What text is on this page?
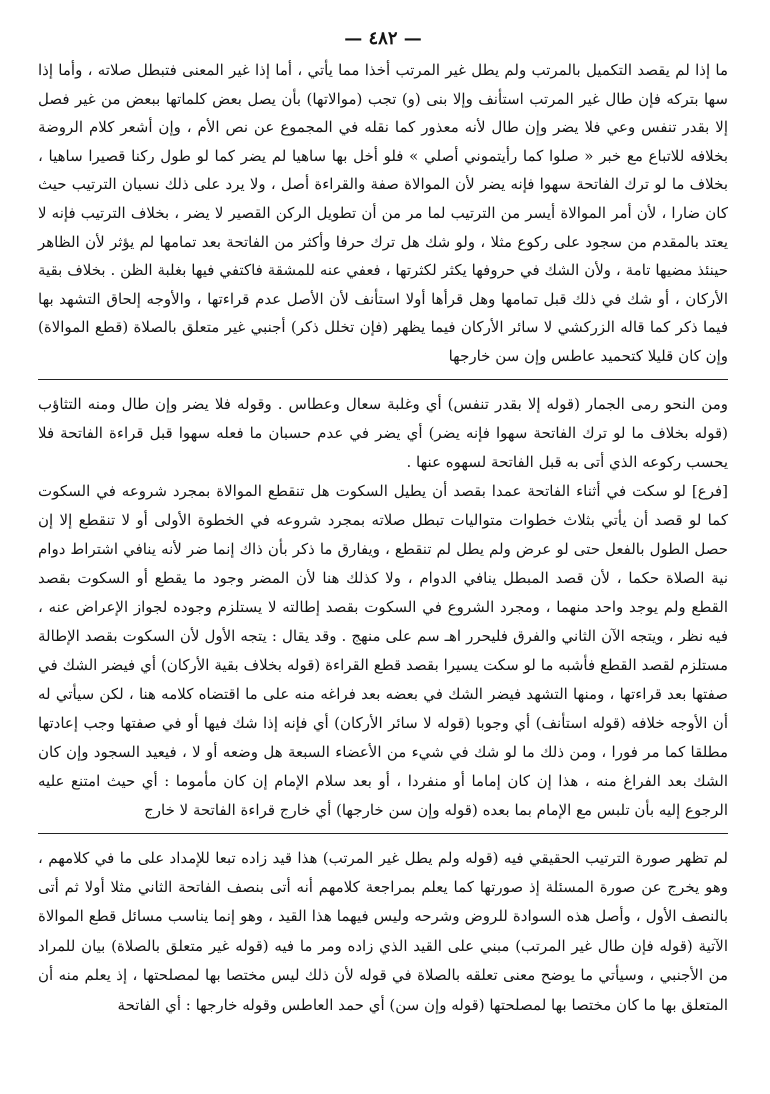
— ٤٨٢ —

ما إذا لم يقصد التكميل بالمرتب ولم يطل غير المرتب أخذا مما يأتي ، أما إذا غير المعنى فتبطل صلاته ، وأما إذا سها بتركه فإن طال غير المرتب استأنف وإلا بنى (و) تجب (موالاتها) بأن يصل بعض كلماتها ببعض من غير فصل إلا بقدر تنفس وعي فلا يضر وإن طال لأنه معذور كما نقله في المجموع عن نص الأم ، وإن أشعر كلام الروضة بخلافه للاتباع مع خبر « صلوا كما رأيتموني أصلي » فلو أخل بها ساهيا لم يضر كما لو طول ركنا قصيرا ساهيا ، بخلاف ما لو ترك الفاتحة سهوا فإنه يضر لأن الموالاة صفة والقراءة أصل ، ولا يرد على ذلك نسيان الترتيب حيث كان ضارا ، لأن أمر الموالاة أيسر من الترتيب لما مر من أن تطويل الركن القصير لا يضر ، بخلاف الترتيب فإنه لا يعتد بالمقدم من سجود على ركوع مثلا ، ولو شك هل ترك حرفا وأكثر من الفاتحة بعد تمامها لم يؤثر لأن الظاهر حينئذ مضيها تامة ، ولأن الشك في حروفها يكثر لكثرتها ، فعفي عنه للمشقة فاكتفي فيها بغلبة الظن . بخلاف بقية الأركان ، أو شك في ذلك قبل تمامها وهل قرأها أولا استأنف لأن الأصل عدم قراءتها ، والأوجه إلحاق التشهد بها فيما ذكر كما قاله الزركشي لا سائر الأركان فيما يظهر (فإن تخلل ذكر) أجنبي غير متعلق بالصلاة (قطع الموالاة) وإن كان قليلا كتحميد عاطس وإن سن خارجها

ومن النحو رمى الجمار (قوله إلا بقدر تنفس) أي وغلبة سعال وعطاس . وقوله فلا يضر وإن طال ومنه التثاؤب (قوله بخلاف ما لو ترك الفاتحة سهوا فإنه يضر) أي يضر في عدم حسبان ما فعله سهوا قبل قراءة الفاتحة فلا يحسب ركوعه الذي أتى به قبل الفاتحة لسهوه عنها .

[فرع] لو سكت في أثناء الفاتحة عمدا بقصد أن يطيل السكوت هل تنقطع الموالاة بمجرد شروعه في السكوت كما لو قصد أن يأتي بثلاث خطوات متواليات تبطل صلاته بمجرد شروعه في الخطوة الأولى أو لا تنقطع إلا إن حصل الطول بالفعل حتى لو عرض ولم يطل لم تنقطع ، ويفارق ما ذكر بأن ذاك إنما ضر لأنه ينافي اشتراط دوام نية الصلاة حكما ، لأن قصد المبطل ينافي الدوام ، ولا كذلك هنا لأن المضر وجود ما يقطع أو السكوت بقصد القطع ولم يوجد واحد منهما ، ومجرد الشروع في السكوت بقصد إطالته لا يستلزم وجوده لجواز الإعراض عنه ، فيه نظر ، ويتجه الآن الثاني والفرق فليحرر اهـ سم على منهج . وقد يقال : يتجه الأول لأن السكوت بقصد الإطالة مستلزم لقصد القطع فأشبه ما لو سكت يسيرا بقصد قطع القراءة (قوله بخلاف بقية الأركان) أي فيضر الشك في صفتها بعد قراءتها ، ومنها التشهد فيضر الشك في بعضه بعد فراغه منه على ما اقتضاه كلامه هنا ، لكن سيأتي له أن الأوجه خلافه (قوله استأنف) أي وجوبا (قوله لا سائر الأركان) أي فإنه إذا شك فيها أو في صفتها وجب إعادتها مطلقا كما مر فورا ، ومن ذلك ما لو شك في شيء من الأعضاء السبعة هل وضعه أو لا ، فيعيد السجود وإن كان الشك بعد الفراغ منه ، هذا إن كان إماما أو منفردا ، أو بعد سلام الإمام إن كان مأموما : أي حيث امتنع عليه الرجوع إليه بأن تلبس مع الإمام بما بعده (قوله وإن سن خارجها) أي خارج قراءة الفاتحة لا خارج

لم تظهر صورة الترتيب الحقيقي فيه (قوله ولم يطل غير المرتب) هذا قيد زاده تبعا للإمداد على ما في كلامهم ، وهو يخرج عن صورة المسئلة إذ صورتها كما يعلم بمراجعة كلامهم أنه أتى بنصف الفاتحة الثاني مثلا أولا ثم أتى بالنصف الأول ، وأصل هذه السوادة للروض وشرحه وليس فيهما هذا القيد ، وهو إنما يناسب مسائل قطع الموالاة الآتية (قوله فإن طال غير المرتب) مبني على القيد الذي زاده ومر ما فيه (قوله غير متعلق بالصلاة) بيان للمراد من الأجنبي ، وسيأتي ما يوضح معنى تعلقه بالصلاة في قوله لأن ذلك ليس مختصا بها لمصلحتها ، إذ يعلم منه أن المتعلق بها ما كان مختصا بها لمصلحتها (قوله وإن سن) أي حمد العاطس وقوله خارجها : أي الفاتحة
